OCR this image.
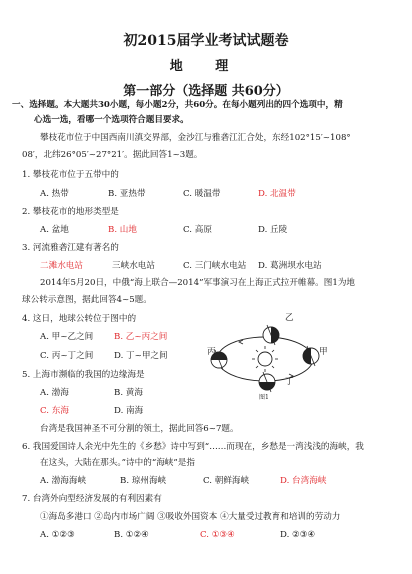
初2015届学业考试试题卷
地 理
第一部分（选择题 共60分）
一、选择题。本大题共30小题，每小题2分，共60分。在每小题列出的四个选项中，精
心选一选，看哪一个选项符合题目要求。
攀枝花市位于中国西南川滇交界部，金沙江与雅砻江汇合处，东经102°15′~108°
08′，北纬26°05′~27°21′。据此回答1~3题。
1. 攀枝花市位于五带中的
A. 热带	B. 亚热带	C. 暖温带	D. 北温带
2. 攀枝花市的地形类型是
A. 盆地	B. 山地	C. 高原	D. 丘陵
3. 河流雅砻江建有著名的
二滩水电站	三峡水电站	C. 三门峡水电站 D. 葛洲坝水电站
2014年5月20日，中俄“海上联合—2014”军事演习在上海正式拉开帷幕。图1为地
球公转示意图，据此回答4~5题。
4. 这日，地球公转位于图中的
A. 甲~乙之间 B. 乙~丙之间
C. 丙~丁之间 D. 丁~甲之间
乙
丙	甲
丁
图1
5. 上海市濒临的我国的边缘海是
A. 渤海	B. 黄海
C. 东海	D. 南海
台湾是我国神圣不可分割的领土，据此回答6~7题。
6. 我国爱国诗人余光中先生的《乡愁》诗中写到“……而现在，乡愁是一湾浅浅的海峡，我
在这头，大陆在那头。”诗中的“海峡”是指
A. 渤海海峡	B. 琼州海峡	C. 朝鲜海峡	D. 台湾海峡
7. 台湾外向型经济发展的有利因素有
①海岛多港口 ②岛内市场广阔 ③吸收外国资本 ④大量受过教育和培训的劳动力
A. ①②③	B. ①②④	C. ①③④	D. ②③④
